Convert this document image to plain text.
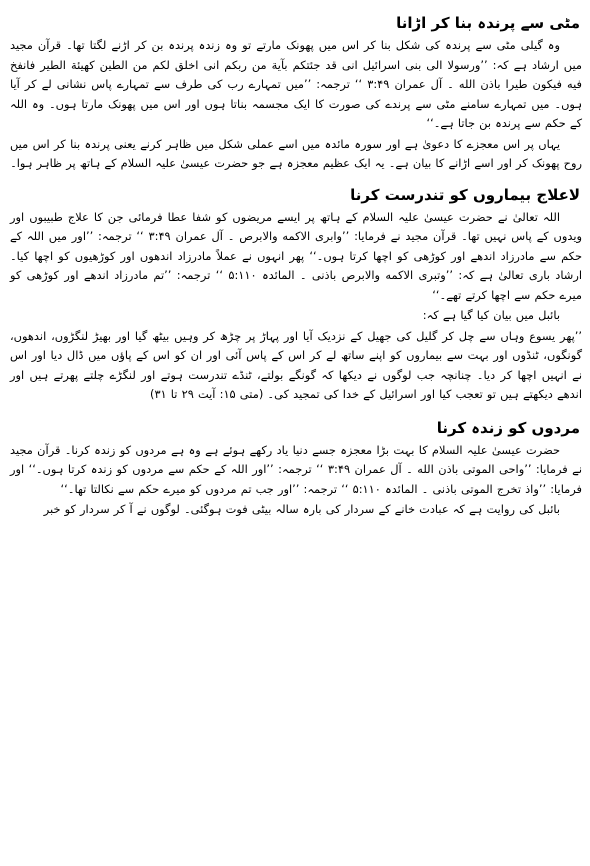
مٹی سے پرندہ بنا کر اڑانا

وہ گیلی مٹی سے پرندہ کی شکل بنا کر اس میں پھونک مارتے تو وہ زندہ پرندہ بن کر اڑنے لگتا تھا۔ قرآن مجید میں ارشاد ہے کہ: ’’ورسولا الی بنی اسرائیل انی قد جئتکم بآیة من ربکم انی اخلق لکم من الطین کھیئة الطیر فانفخ فیه فیکون طیرا باذن الله ۔ آل عمران ۳:۴۹ ‘‘ ترجمہ: ’’میں تمہارے رب کی طرف سے تمہارے پاس نشانی لے کر آیا ہوں۔ میں تمہارے سامنے مٹی سے پرندے کی صورت کا ایک مجسمہ بناتا ہوں اور اس میں پھونک مارتا ہوں۔ وہ اللہ کے حکم سے پرندہ بن جاتا ہے۔‘‘

یہاں پر اس معجزے کا دعویٰ ہے اور سورہ مائدہ میں اسے عملی شکل میں ظاہر کرنے یعنی پرندہ بنا کر اس میں روح پھونک کر اور اسے اڑانے کا بیان ہے۔ یہ ایک عظیم معجزہ ہے جو حضرت عیسیٰ علیہ السلام کے ہاتھ پر ظاہر ہوا۔

لاعلاج بیماروں کو تندرست کرنا

اللہ تعالیٰ نے حضرت عیسیٰ علیہ السلام کے ہاتھ پر ایسے مریضوں کو شفا عطا فرمائی جن کا علاج طبیبوں اور ویدوں کے پاس نہیں تھا۔ قرآن مجید نے فرمایا: ’’وابری الاکمه والابرص ۔ آل عمران ۳:۴۹ ‘‘ ترجمہ: ’’اور میں اللہ کے حکم سے مادرزاد اندھے اور کوڑھی کو اچھا کرتا ہوں۔‘‘ پھر انہوں نے عملاً مادرزاد اندھوں اور کوڑھیوں کو اچھا کیا۔ ارشاد باری تعالیٰ ہے کہ: ’’وتبری الاکمه والابرص باذنی ۔ المائدہ ۵:۱۱۰ ‘‘ ترجمہ: ’’تم مادرزاد اندھے اور کوڑھی کو میرے حکم سے اچھا کرتے تھے۔‘‘

بائبل میں بیان کیا گیا ہے کہ:

’’پھر یسوع وہاں سے چل کر گلیل کی جھیل کے نزدیک آیا اور پہاڑ پر چڑھ کر وہیں بیٹھ گیا اور بھیڑ لنگڑوں، اندھوں، گونگوں، ٹنڈوں اور بہت سے بیماروں کو اپنے ساتھ لے کر اس کے پاس آئی اور ان کو اس کے پاؤں میں ڈال دیا اور اس نے انہیں اچھا کر دیا۔ چنانچہ جب لوگوں نے دیکھا کہ گونگے بولتے، ٹنڈے تندرست ہوتے اور لنگڑے چلتے پھرتے ہیں اور اندھے دیکھتے ہیں تو تعجب کیا اور اسرائیل کے خدا کی تمجید کی۔ (متی ۱۵: آیت ۲۹ تا ۳۱)

مردوں کو زندہ کرنا

حضرت عیسیٰ علیہ السلام کا بہت بڑا معجزہ جسے دنیا یاد رکھے ہوئے ہے وہ ہے مردوں کو زندہ کرنا۔ قرآن مجید نے فرمایا: ’’واحی الموتی باذن الله ۔ آل عمران ۳:۴۹ ‘‘ ترجمہ: ’’اور اللہ کے حکم سے مردوں کو زندہ کرتا ہوں۔‘‘ اور فرمایا: ’’واذ تخرج الموتی باذنی ۔ المائدہ ۵:۱۱۰ ‘‘ ترجمہ: ’’اور جب تم مردوں کو میرے حکم سے نکالتا تھا۔‘‘

بائبل کی روایت ہے کہ عبادت خانے کے سردار کی بارہ سالہ بیٹی فوت ہوگئی۔ لوگوں نے آ کر سردار کو خبر
